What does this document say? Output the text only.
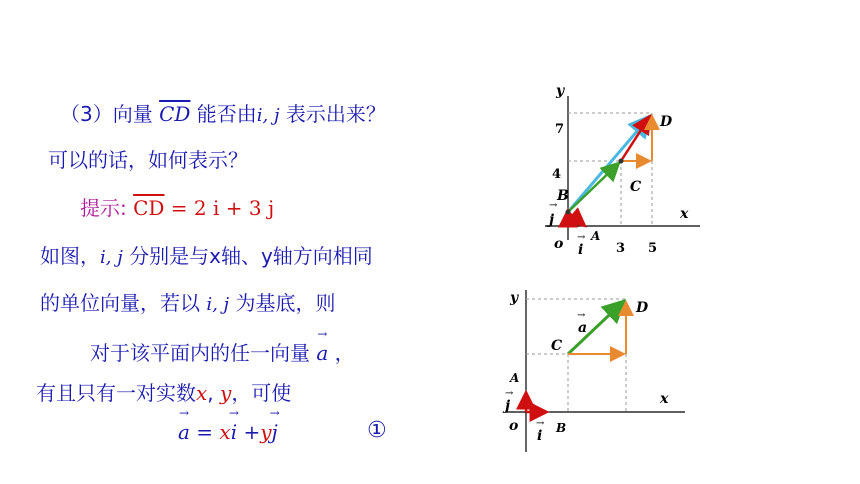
（3）向量 $\overline{CD}$ 能否由i, j 表示出来？
可以的话，如何表示？
提示: $\overline{CD} = 2$ i + 3 j
如图，i, j 分别是与x轴、y轴方向相同
的单位向量，若以 i, j 为基底，则
对于该平面内的任一向量 → a ，
有且只有一对实数x, y，可使
→ a = x→ i +y→ j	①
y
x
o
7
4
3 5
B
C
D
A
i
j
→
→
y
x
o
A
B
C
D
a
→
i
→
j
→
